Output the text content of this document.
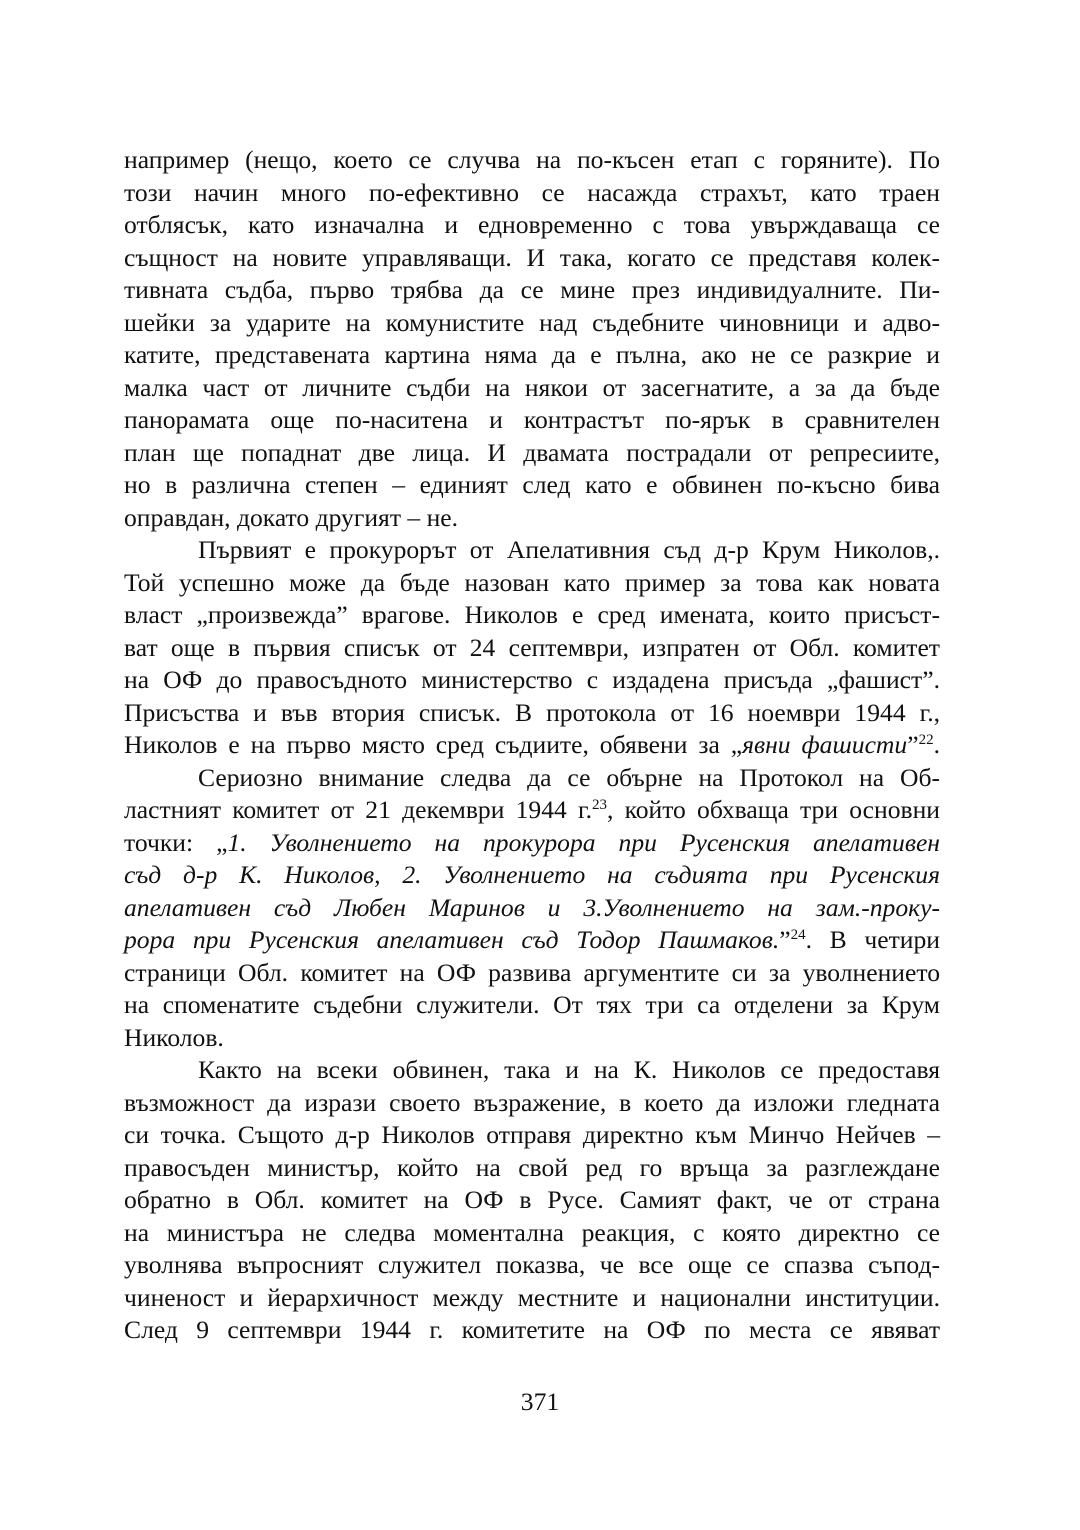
например (нещо, което се случва на по-късен етап с горяните). По
този начин много по-ефективно се насажда страхът, като траен
отблясък, като изначална и едновременно с това увърждаваща се
същност на новите управляващи. И така, когато се представя колек-
тивната съдба, първо трябва да се мине през индивидуалните. Пи-
шейки за ударите на комунистите над съдебните чиновници и адво-
катите, представената картина няма да е пълна, ако не се разкрие и
малка част от личните съдби на някои от засегнатите, а за да бъде
панорамата още по-наситена и контрастът по-ярък в сравнителен
план ще попаднат две лица. И двамата пострадали от репресиите,
но в различна степен – единият след като е обвинен по-късно бива
оправдан, докато другият – не.
Първият е прокурорът от Апелативния съд д-р Крум Николов,.
Той успешно може да бъде назован като пример за това как новата
власт „произвежда” врагове. Николов е сред имената, които присъст-
ват още в първия списък от 24 септември, изпратен от Обл. комитет
на ОФ до правосъдното министерство с издадена присъда „фашист”.
Присъства и във втория списък. В протокола от 16 ноември 1944 г.,
Николов е на първо място сред съдиите, обявени за „явни фашисти”$^{22}$.
Сериозно внимание следва да се обърне на Протокол на Об-
ластният комитет от 21 декември 1944 г.$^{23}$, който обхваща три основни
точки: „1. Уволнението на прокурора при Русенския апелативен
съд д-р К. Николов, 2. Уволнението на съдията при Русенския
апелативен съд Любен Маринов и 3.Уволнението на зам.-проку-
рора при Русенския апелативен съд Тодор Пашмаков.”$^{24}$. В четири
страници Обл. комитет на ОФ развива аргументите си за уволнението
на споменатите съдебни служители. От тях три са отделени за Крум
Николов.
Както на всеки обвинен, така и на К. Николов се предоставя
възможност да изрази своето възражение, в което да изложи гледната
си точка. Същото д-р Николов отправя директно към Минчо Нейчев –
правосъден министър, който на свой ред го връща за разглеждане
обратно в Обл. комитет на ОФ в Русе. Самият факт, че от страна
на министъра не следва моментална реакция, с която директно се
уволнява въпросният служител показва, че все още се спазва съпод-
чиненост и йерархичност между местните и национални институции.
След 9 септември 1944 г. комитетите на ОФ по места се явяват
371
